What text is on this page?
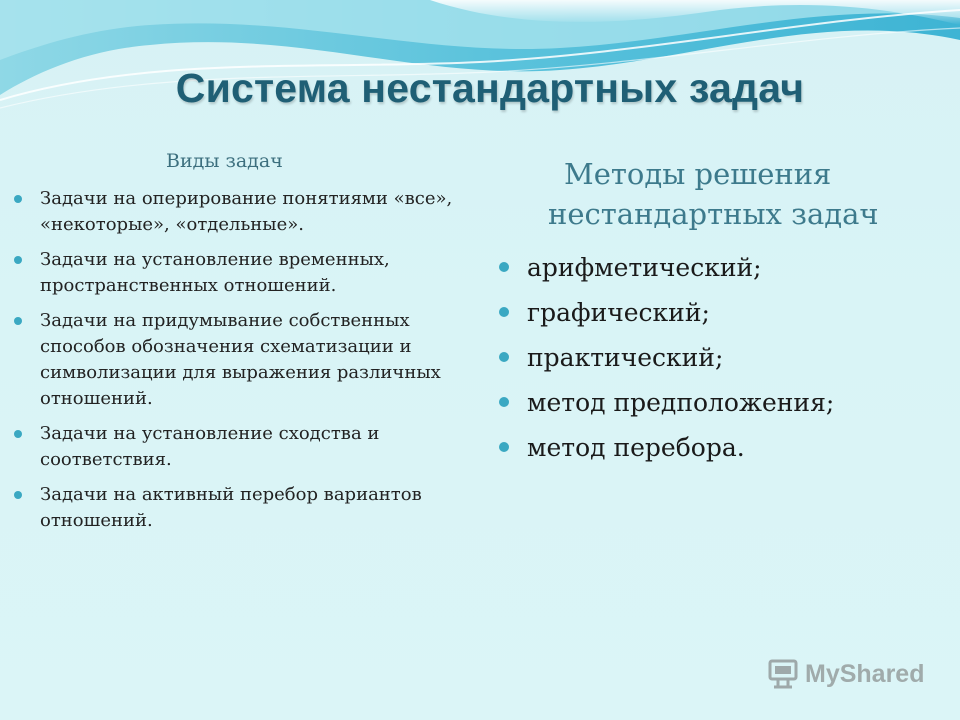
Система нестандартных задач
Виды задач
Задачи на оперирование понятиями «все», «некоторые», «отдельные».
Задачи на установление временных, пространственных отношений.
Задачи на придумывание собственных способов обозначения схематизации и символизации для выражения различных отношений.
Задачи на установление сходства и соответствия.
Задачи на активный перебор вариантов отношений.
Методы решения
нестандартных задач
арифметический;
графический;
практический;
метод предположения;
метод перебора.
MyShared
